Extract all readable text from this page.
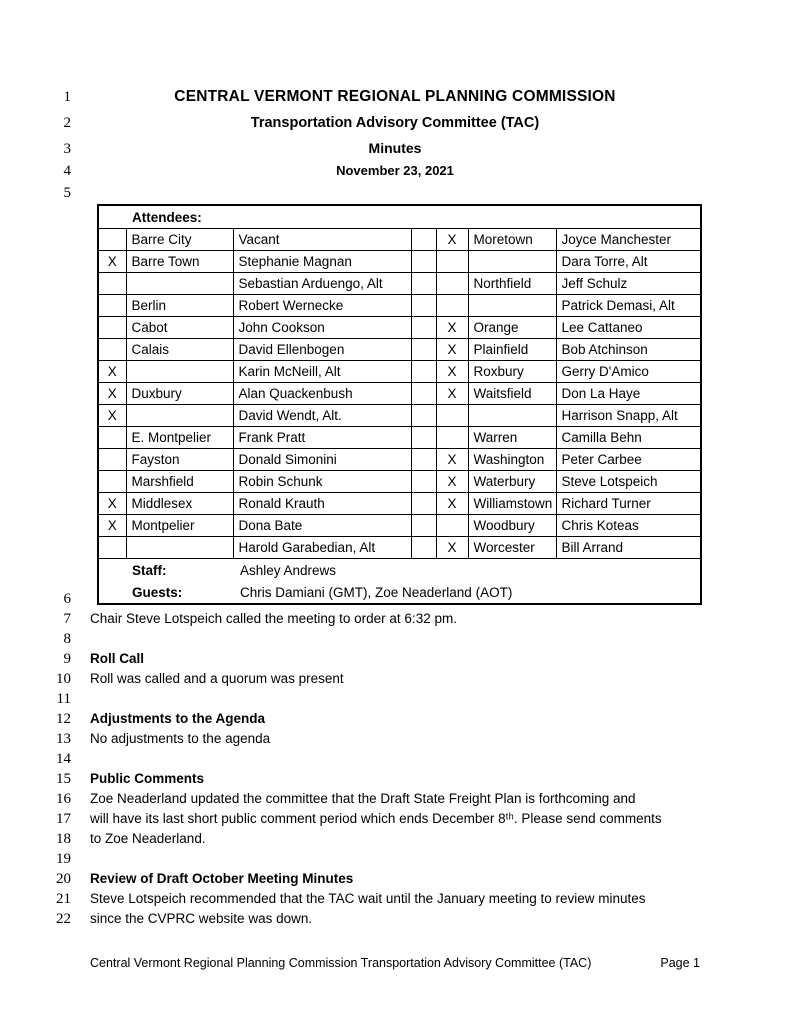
1	CENTRAL VERMONT REGIONAL PLANNING COMMISSION
2	Transportation Advisory Committee (TAC)
3	Minutes
4	November 23, 2021
5
Attendees:						
	Barre City	Vacant		X	Moretown	Joyce Manchester
X	Barre Town	Stephanie Magnan				Dara Torre, Alt
		Sebastian Arduengo, Alt			Northfield	Jeff Schulz
	Berlin	Robert Wernecke				Patrick Demasi, Alt
	Cabot	John Cookson		X	Orange	Lee Cattaneo
	Calais	David Ellenbogen		X	Plainfield	Bob Atchinson
X		Karin McNeill, Alt		X	Roxbury	Gerry D'Amico
X	Duxbury	Alan Quackenbush		X	Waitsfield	Don La Haye
X		David Wendt, Alt.				Harrison Snapp, Alt
	E. Montpelier	Frank Pratt			Warren	Camilla Behn
	Fayston	Donald Simonini		X	Washington	Peter Carbee
	Marshfield	Robin Schunk		X	Waterbury	Steve Lotspeich
X	Middlesex	Ronald Krauth		X	Williamstown	Richard Turner
X	Montpelier	Dona Bate			Woodbury	Chris Koteas
		Harold Garabedian, Alt		X	Worcester	Bill Arrand

Staff: Ashley Andrews
Guests: Chris Damiani (GMT), Zoe Neaderland (AOT)						
6
7 Chair Steve Lotspeich called the meeting to order at 6:32 pm.
8
9 Roll Call
10 Roll was called and a quorum was present
11
12 Adjustments to the Agenda
13 No adjustments to the agenda
14
15 Public Comments
16 Zoe Neaderland updated the committee that the Draft State Freight Plan is forthcoming and
17 will have its last short public comment period which ends December 8ᵗʰ. Please send comments
18 to Zoe Neaderland.
19
20 Review of Draft October Meeting Minutes
21 Steve Lotspeich recommended that the TAC wait until the January meeting to review minutes
22 since the CVPRC website was down.
Central Vermont Regional Planning Commission Transportation Advisory Committee (TAC)	Page 1
